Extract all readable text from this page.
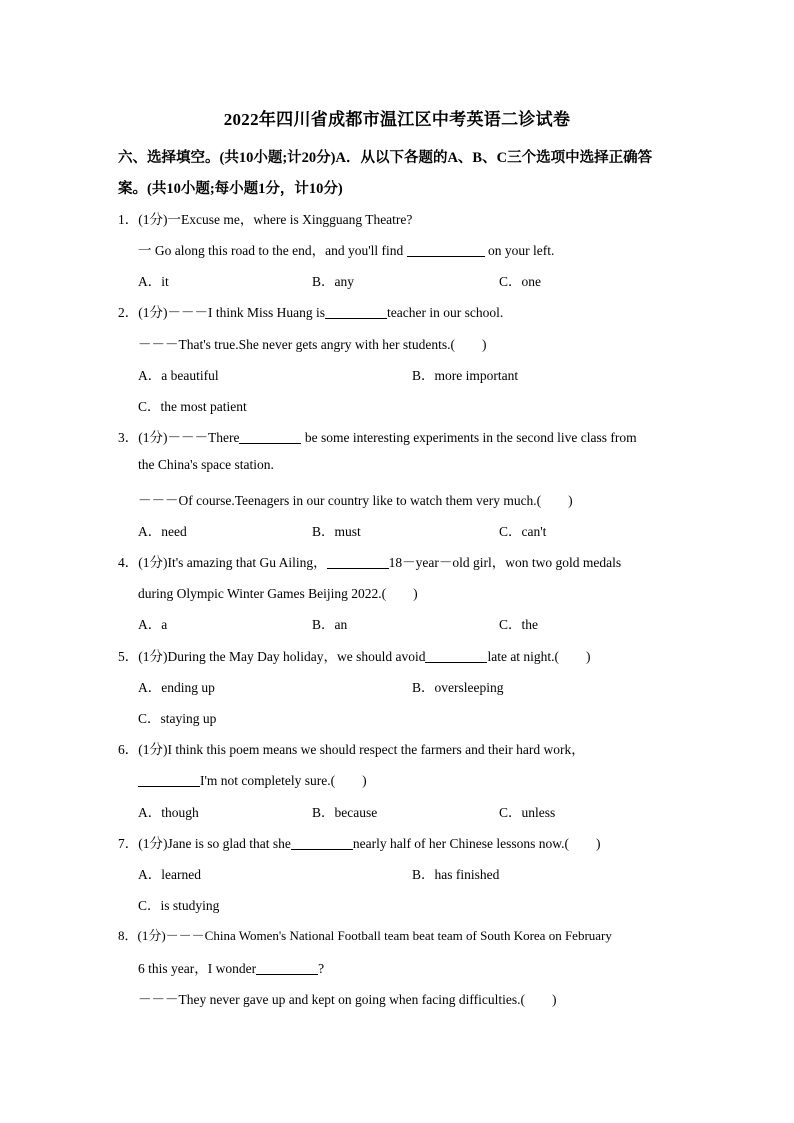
2022年四川省成都市温江区中考英语二诊试卷
六、选择填空。(共10小题;计20分)A．从以下各题的A、B、C三个选项中选择正确答
案。(共10小题;每小题1分，计10分)
1．(1分)一Excuse me，where is Xingguang Theatre?
一 Go along this road to the end，and you'll find	on your left.
A．it	B．any	C．one
2．(1分)－－－I think Miss Huang is	teacher in our school.
－－－That's true.She never gets angry with her students.(　　)
A．a beautiful	B．more important
C．the most patient
3．(1分)－－－There	be some interesting experiments in the second live class from
the China's space station.
－－－Of course.Teenagers in our country like to watch them very much.(　　)
A．need	B．must	C．can't
4．(1分)It's amazing that Gu Ailing，	18－year－old girl，won two gold medals
during Olympic Winter Games Beijing 2022.(　　)
A．a	B．an	C．the
5．(1分)During the May Day holiday，we should avoid	late at night.(　　)
A．ending up	B．oversleeping
C．staying up
6．(1分)I think this poem means we should respect the farmers and their hard work，
I'm not completely sure.(　　)
A．though	B．because	C．unless
7．(1分)Jane is so glad that she	nearly half of her Chinese lessons now.(　　)
A．learned	B．has finished
C．is studying
8．(1分)－－－China Women's National Football team beat team of South Korea on February
6 this year，I wonder	?
－－－They never gave up and kept on going when facing difficulties.(　　)
